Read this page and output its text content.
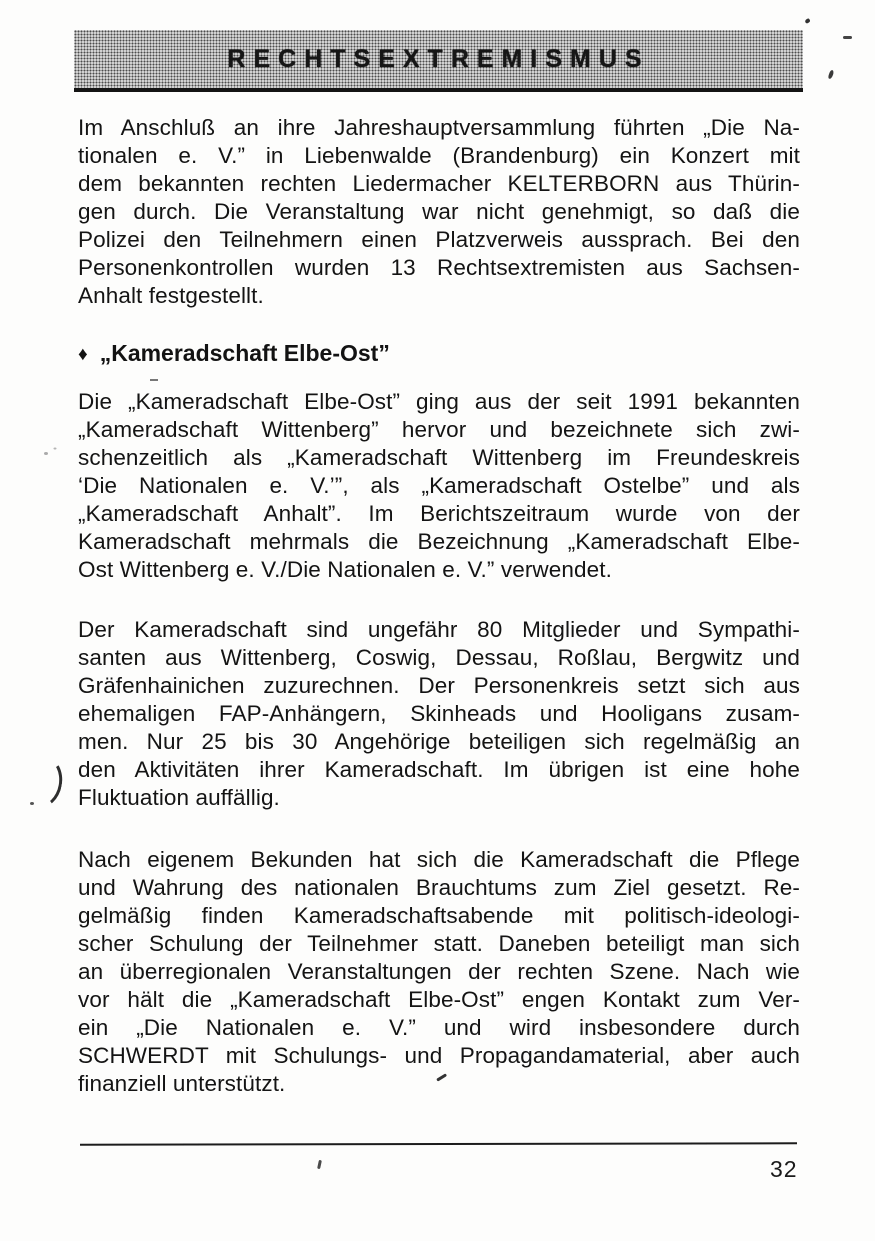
RECHTSEXTREMISMUS
Im Anschluß an ihre Jahreshauptversammlung führten „Die Na-
tionalen e. V.” in Liebenwalde (Brandenburg) ein Konzert mit
dem bekannten rechten Liedermacher KELTERBORN aus Thürin-
gen durch. Die Veranstaltung war nicht genehmigt, so daß die
Polizei den Teilnehmern einen Platzverweis aussprach. Bei den
Personenkontrollen wurden 13 Rechtsextremisten aus Sachsen-
Anhalt festgestellt.
♦ „Kameradschaft Elbe-Ost”
Die „Kameradschaft Elbe-Ost” ging aus der seit 1991 bekannten
„Kameradschaft Wittenberg” hervor und bezeichnete sich zwi-
schenzeitlich als „Kameradschaft Wittenberg im Freundeskreis
‘Die Nationalen e. V.’”, als „Kameradschaft Ostelbe” und als
„Kameradschaft Anhalt”. Im Berichtszeitraum wurde von der
Kameradschaft mehrmals die Bezeichnung „Kameradschaft Elbe-
Ost Wittenberg e. V./Die Nationalen e. V.” verwendet.
Der Kameradschaft sind ungefähr 80 Mitglieder und Sympathi-
santen aus Wittenberg, Coswig, Dessau, Roßlau, Bergwitz und
Gräfenhainichen zuzurechnen. Der Personenkreis setzt sich aus
ehemaligen FAP-Anhängern, Skinheads und Hooligans zusam-
men. Nur 25 bis 30 Angehörige beteiligen sich regelmäßig an
den Aktivitäten ihrer Kameradschaft. Im übrigen ist eine hohe
Fluktuation auffällig.
Nach eigenem Bekunden hat sich die Kameradschaft die Pflege
und Wahrung des nationalen Brauchtums zum Ziel gesetzt. Re-
gelmäßig finden Kameradschaftsabende mit politisch-ideologi-
scher Schulung der Teilnehmer statt. Daneben beteiligt man sich
an überregionalen Veranstaltungen der rechten Szene. Nach wie
vor hält die „Kameradschaft Elbe-Ost” engen Kontakt zum Ver-
ein „Die Nationalen e. V.” und wird insbesondere durch
SCHWERDT mit Schulungs- und Propagandamaterial, aber auch
finanziell unterstützt.
32
